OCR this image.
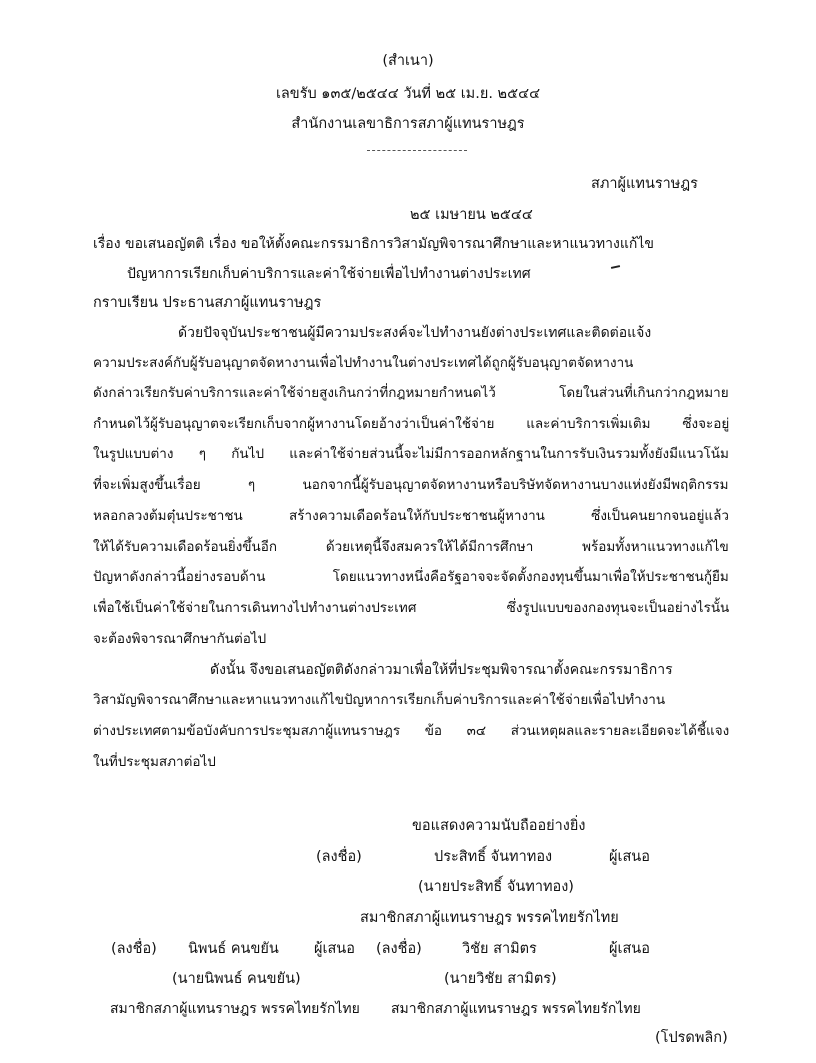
(สำเนา)
เลขรับ ๑๓๕/๒๕๔๔ วันที่ ๒๕ เม.ย. ๒๕๔๔
สำนักงานเลขาธิการสภาผู้แทนราษฎร
สภาผู้แทนราษฎร
๒๕ เมษายน ๒๕๔๔
เรื่อง ขอเสนอญัตติ เรื่อง ขอให้ตั้งคณะกรรมาธิการวิสามัญพิจารณาศึกษาและหาแนวทางแก้ไข
ปัญหาการเรียกเก็บค่าบริการและค่าใช้จ่ายเพื่อไปทำงานต่างประเทศ
กราบเรียน ประธานสภาผู้แทนราษฎร
ด้วยปัจจุบันประชาชนผู้มีความประสงค์จะไปทำงานยังต่างประเทศและติดต่อแจ้ง
ความประสงค์กับผู้รับอนุญาตจัดหางานเพื่อไปทำงานในต่างประเทศได้ถูกผู้รับอนุญาตจัดหางาน
ดังกล่าวเรียกรับค่าบริการและค่าใช้จ่ายสูงเกินกว่าที่กฎหมายกำหนดไว้ โดยในส่วนที่เกินกว่ากฎหมาย
กำหนดไว้ผู้รับอนุญาตจะเรียกเก็บจากผู้หางานโดยอ้างว่าเป็นค่าใช้จ่าย และค่าบริการเพิ่มเติม ซึ่งจะอยู่
ในรูปแบบต่าง ๆ กันไป และค่าใช้จ่ายส่วนนี้จะไม่มีการออกหลักฐานในการรับเงินรวมทั้งยังมีแนวโน้ม
ที่จะเพิ่มสูงขึ้นเรื่อย ๆ นอกจากนี้ผู้รับอนุญาตจัดหางานหรือบริษัทจัดหางานบางแห่งยังมีพฤติกรรม
หลอกลวงต้มตุ๋นประชาชน สร้างความเดือดร้อนให้กับประชาชนผู้หางาน ซึ่งเป็นคนยากจนอยู่แล้ว
ให้ได้รับความเดือดร้อนยิ่งขึ้นอีก ด้วยเหตุนี้จึงสมควรให้ได้มีการศึกษา พร้อมทั้งหาแนวทางแก้ไข
ปัญหาดังกล่าวนี้อย่างรอบด้าน โดยแนวทางหนึ่งคือรัฐอาจจะจัดตั้งกองทุนขึ้นมาเพื่อให้ประชาชนกู้ยืม
เพื่อใช้เป็นค่าใช้จ่ายในการเดินทางไปทำงานต่างประเทศ ซึ่งรูปแบบของกองทุนจะเป็นอย่างไรนั้น
จะต้องพิจารณาศึกษากันต่อไป
ดังนั้น จึงขอเสนอญัตติดังกล่าวมาเพื่อให้ที่ประชุมพิจารณาตั้งคณะกรรมาธิการ
วิสามัญพิจารณาศึกษาและหาแนวทางแก้ไขปัญหาการเรียกเก็บค่าบริการและค่าใช้จ่ายเพื่อไปทำงาน
ต่างประเทศตามข้อบังคับการประชุมสภาผู้แทนราษฎร ข้อ ๓๔ ส่วนเหตุผลและรายละเอียดจะได้ชี้แจง
ในที่ประชุมสภาต่อไป
ขอแสดงความนับถืออย่างยิ่ง
(ลงชื่อ)	ประสิทธิ์ จันทาทอง	ผู้เสนอ
(นายประสิทธิ์ จันทาทอง)
สมาชิกสภาผู้แทนราษฎร พรรคไทยรักไทย
(ลงชื่อ) นิพนธ์ คนขยัน ผู้เสนอ
(นายนิพนธ์ คนขยัน)
สมาชิกสภาผู้แทนราษฎร พรรคไทยรักไทย
(ลงชื่อ)	วิชัย สามิตร	ผู้เสนอ
(นายวิชัย สามิตร)
สมาชิกสภาผู้แทนราษฎร พรรคไทยรักไทย
(โปรดพลิก)
